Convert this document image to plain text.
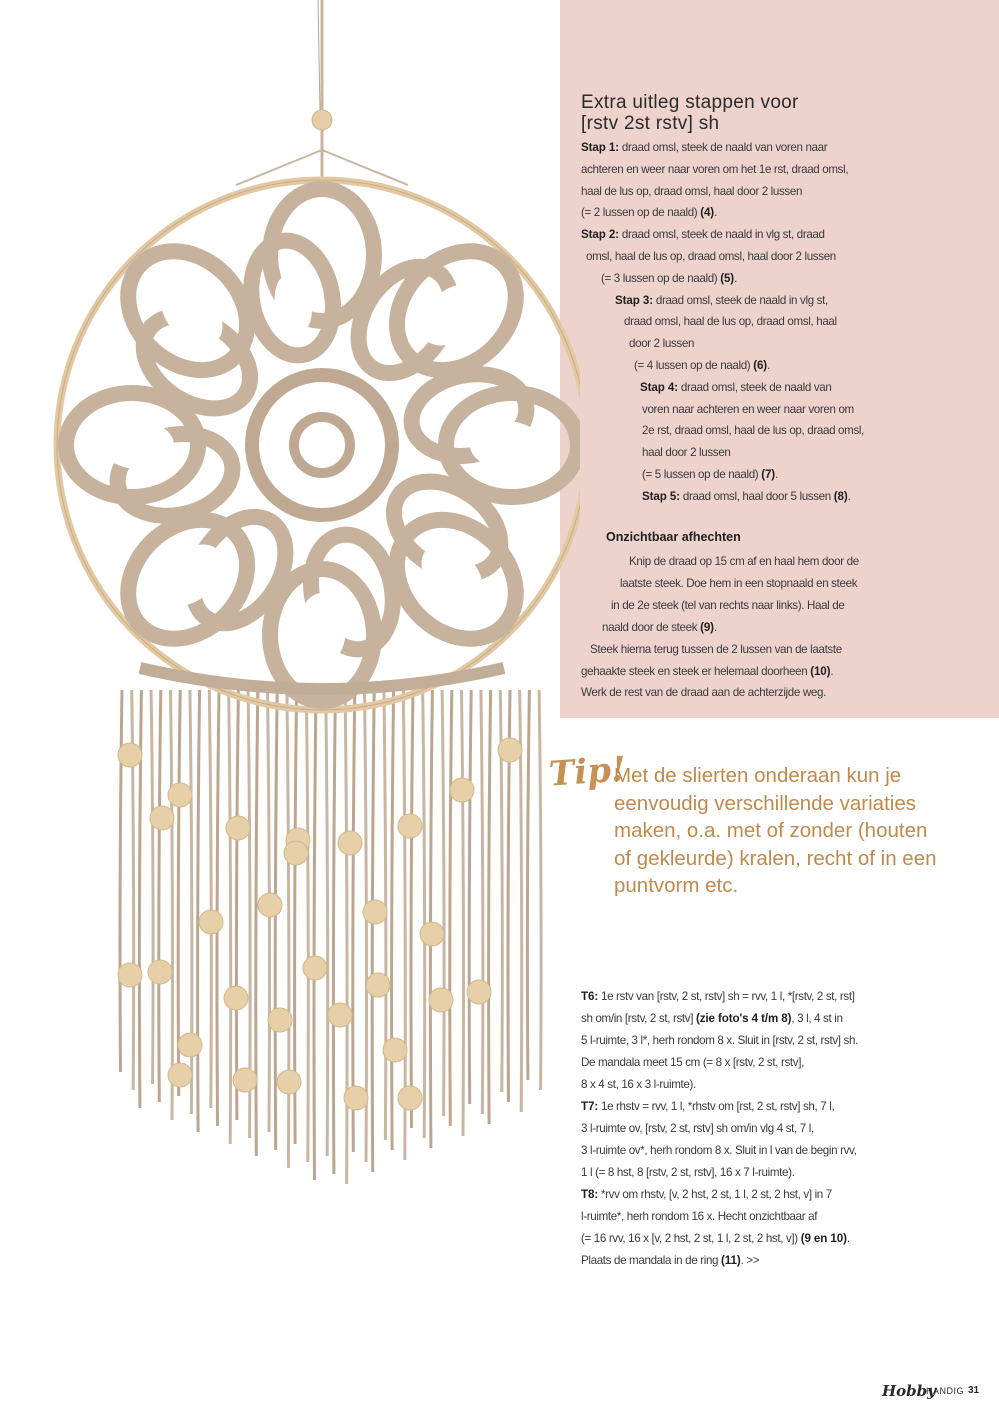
Extra uitleg stappen voor
[rstv 2st rstv] sh
Stap 1: draad omsl, steek de naald van voren naar
achteren en weer naar voren om het 1e rst, draad omsl,
haal de lus op, draad omsl, haal door 2 lussen
(= 2 lussen op de naald) (4).
Stap 2: draad omsl, steek de naald in vlg st, draad
omsl, haal de lus op, draad omsl, haal door 2 lussen
(= 3 lussen op de naald) (5).
Stap 3: draad omsl, steek de naald in vlg st,
draad omsl, haal de lus op, draad omsl, haal
door 2 lussen
(= 4 lussen op de naald) (6).
Stap 4: draad omsl, steek de naald van
voren naar achteren en weer naar voren om
2e rst, draad omsl, haal de lus op, draad omsl,
haal door 2 lussen
(= 5 lussen op de naald) (7).
Stap 5: draad omsl, haal door 5 lussen (8).
Onzichtbaar afhechten
Knip de draad op 15 cm af en haal hem door de
laatste steek. Doe hem in een stopnaald en steek
in de 2e steek (tel van rechts naar links). Haal de
naald door de steek (9).
Steek hierna terug tussen de 2 lussen van de laatste
gehaakte steek en steek er helemaal doorheen (10).
Werk de rest van de draad aan de achterzijde weg.
Tip!
Met de slierten onderaan kun je
eenvoudig verschillende variaties
maken, o.a. met of zonder (houten
of gekleurde) kralen, recht of in een
puntvorm etc.
T6: 1e rstv van [rstv, 2 st, rstv] sh = rvv, 1 l, *[rstv, 2 st, rst]
sh om/in [rstv, 2 st, rstv] (zie foto's 4 t/m 8), 3 l, 4 st in
5 l-ruimte, 3 l*, herh rondom 8 x. Sluit in [rstv, 2 st, rstv] sh.
De mandala meet 15 cm (= 8 x [rstv, 2 st, rstv],
8 x 4 st, 16 x 3 l-ruimte).
T7: 1e rhstv = rvv, 1 l, *rhstv om [rst, 2 st, rstv] sh, 7 l,
3 l-ruimte ov, [rstv, 2 st, rstv] sh om/in vlg 4 st, 7 l,
3 l-ruimte ov*, herh rondom 8 x. Sluit in l van de begin rvv,
1 l (= 8 hst, 8 [rstv, 2 st, rstv], 16 x 7 l-ruimte).
T8: *rvv om rhstv, [v, 2 hst, 2 st, 1 l, 2 st, 2 hst, v] in 7
l-ruimte*, herh rondom 16 x. Hecht onzichtbaar af
(= 16 rvv, 16 x [v, 2 hst, 2 st, 1 l, 2 st, 2 hst, v]) (9 en 10).
Plaats de mandala in de ring (11). >>
Hobby
HANDIG 31
